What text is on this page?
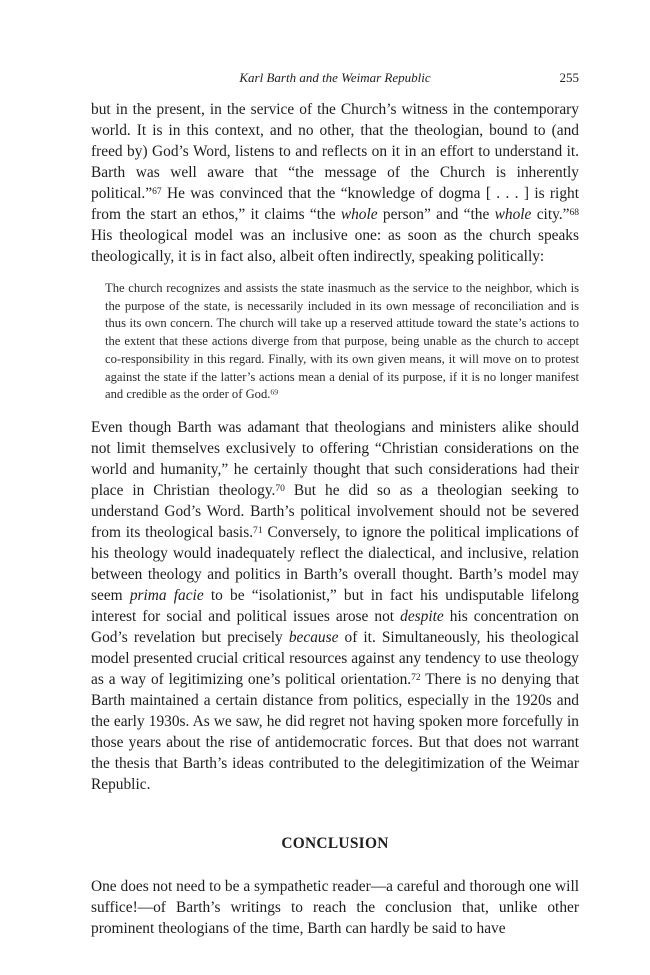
Karl Barth and the Weimar Republic	255

but in the present, in the service of the Church’s witness in the contemporary world. It is in this context, and no other, that the theologian, bound to (and freed by) God’s Word, listens to and reflects on it in an effort to understand it. Barth was well aware that “the message of the Church is inherently political.”$^{67}$ He was convinced that the “knowledge of dogma [ . . . ] is right from the start an ethos,” it claims “the whole person” and “the whole city.”$^{68}$ His theological model was an inclusive one: as soon as the church speaks theologically, it is in fact also, albeit often indirectly, speaking politically:

The church recognizes and assists the state inasmuch as the service to the neighbor, which is the purpose of the state, is necessarily included in its own message of reconciliation and is thus its own concern. The church will take up a reserved attitude toward the state’s actions to the extent that these actions diverge from that purpose, being unable as the church to accept co-responsibility in this regard. Finally, with its own given means, it will move on to protest against the state if the latter’s actions mean a denial of its purpose, if it is no longer manifest and credible as the order of God.$^{69}$

Even though Barth was adamant that theologians and ministers alike should not limit themselves exclusively to offering “Christian considerations on the world and humanity,” he certainly thought that such considerations had their place in Christian theology.$^{70}$ But he did so as a theologian seeking to understand God’s Word. Barth’s political involvement should not be severed from its theological basis.$^{71}$ Conversely, to ignore the political implications of his theology would inadequately reflect the dialectical, and inclusive, relation between theology and politics in Barth’s overall thought. Barth’s model may seem prima facie to be “isolationist,” but in fact his undisputable lifelong interest for social and political issues arose not despite his concentration on God’s revelation but precisely because of it. Simultaneously, his theological model presented crucial critical resources against any tendency to use theology as a way of legitimizing one’s political orientation.$^{72}$ There is no denying that Barth maintained a certain distance from politics, especially in the 1920s and the early 1930s. As we saw, he did regret not having spoken more forcefully in those years about the rise of antidemocratic forces. But that does not warrant the thesis that Barth’s ideas contributed to the delegitimization of the Weimar Republic.

CONCLUSION

One does not need to be a sympathetic reader—a careful and thorough one will suffice!—of Barth’s writings to reach the conclusion that, unlike other prominent theologians of the time, Barth can hardly be said to have
